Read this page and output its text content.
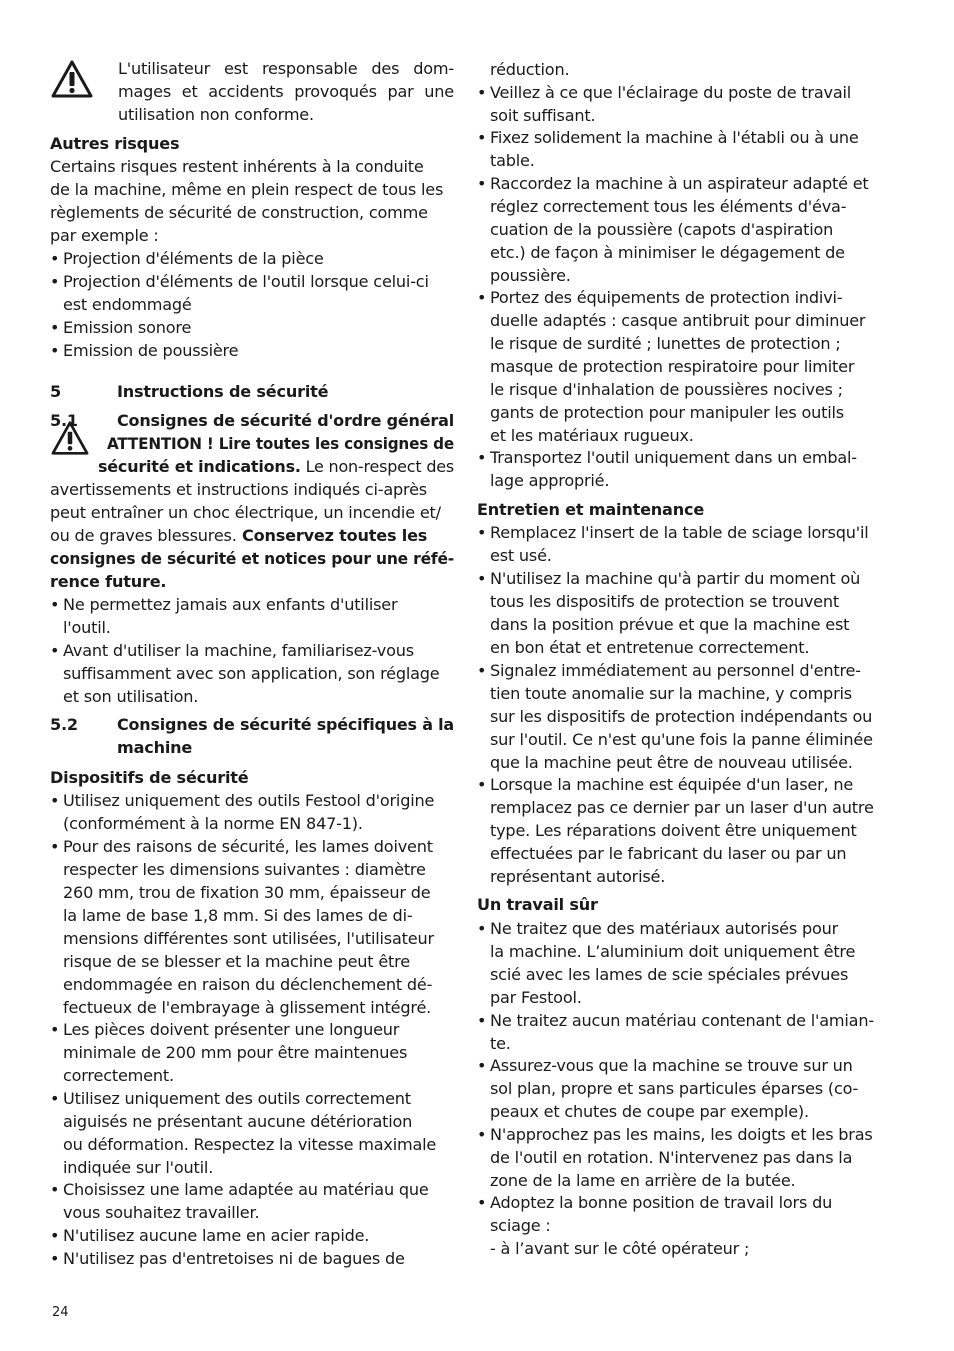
L'utilisateur est responsable des dom-
mages et accidents provoqués par une
utilisation non conforme.
Autres risques
Certains risques restent inhérents à la conduite
de la machine, même en plein respect de tous les
règlements de sécurité de construction, comme
par exemple :
• Projection d'éléments de la pièce
• Projection d'éléments de l'outil lorsque celui-ci
est endommagé
• Emission sonore
• Emission de poussière
5	Instructions de sécurité
5.1 Consignes de sécurité d'ordre général
ATTENTION ! Lire toutes les consignes de
sécurité et indications. Le non-respect des
avertissements et instructions indiqués ci-après
peut entraîner un choc électrique, un incendie et/
ou de graves blessures. Conservez toutes les
consignes de sécurité et notices pour une réfé-
rence future.
• Ne permettez jamais aux enfants d'utiliser
l'outil.
• Avant d'utiliser la machine, familiarisez-vous
suffisamment avec son application, son réglage
et son utilisation.
5.2 Consignes de sécurité spécifiques à la
machine
Dispositifs de sécurité
• Utilisez uniquement des outils Festool d'origine
(conformément à la norme EN 847-1).
• Pour des raisons de sécurité, les lames doivent
respecter les dimensions suivantes : diamètre
260 mm, trou de fixation 30 mm, épaisseur de
la lame de base 1,8 mm. Si des lames de di-
mensions différentes sont utilisées, l'utilisateur
risque de se blesser et la machine peut être
endommagée en raison du déclenchement dé-
fectueux de l'embrayage à glissement intégré.
• Les pièces doivent présenter une longueur
minimale de 200 mm pour être maintenues
correctement.
• Utilisez uniquement des outils correctement
aiguisés ne présentant aucune détérioration
ou déformation. Respectez la vitesse maximale
indiquée sur l'outil.
• Choisissez une lame adaptée au matériau que
vous souhaitez travailler.
• N'utilisez aucune lame en acier rapide.
• N'utilisez pas d'entretoises ni de bagues de
réduction.
• Veillez à ce que l'éclairage du poste de travail
soit suffisant.
• Fixez solidement la machine à l'établi ou à une
table.
• Raccordez la machine à un aspirateur adapté et
réglez correctement tous les éléments d'éva-
cuation de la poussière (capots d'aspiration
etc.) de façon à minimiser le dégagement de
poussière.
• Portez des équipements de protection indivi-
duelle adaptés : casque antibruit pour diminuer
le risque de surdité ; lunettes de protection ;
masque de protection respiratoire pour limiter
le risque d'inhalation de poussières nocives ;
gants de protection pour manipuler les outils
et les matériaux rugueux.
• Transportez l'outil uniquement dans un embal-
lage approprié.
Entretien et maintenance
• Remplacez l'insert de la table de sciage lorsqu'il
est usé.
• N'utilisez la machine qu'à partir du moment où
tous les dispositifs de protection se trouvent
dans la position prévue et que la machine est
en bon état et entretenue correctement.
• Signalez immédiatement au personnel d'entre-
tien toute anomalie sur la machine, y compris
sur les dispositifs de protection indépendants ou
sur l'outil. Ce n'est qu'une fois la panne éliminée
que la machine peut être de nouveau utilisée.
• Lorsque la machine est équipée d'un laser, ne
remplacez pas ce dernier par un laser d'un autre
type. Les réparations doivent être uniquement
effectuées par le fabricant du laser ou par un
représentant autorisé.
Un travail sûr
• Ne traitez que des matériaux autorisés pour
la machine. L’aluminium doit uniquement être
scié avec les lames de scie spéciales prévues
par Festool.
• Ne traitez aucun matériau contenant de l'amian-
te.
• Assurez-vous que la machine se trouve sur un
sol plan, propre et sans particules éparses (co-
peaux et chutes de coupe par exemple).
• N'approchez pas les mains, les doigts et les bras
de l'outil en rotation. N'intervenez pas dans la
zone de la lame en arrière de la butée.
• Adoptez la bonne position de travail lors du
sciage :
- à l’avant sur le côté opérateur ;
24
